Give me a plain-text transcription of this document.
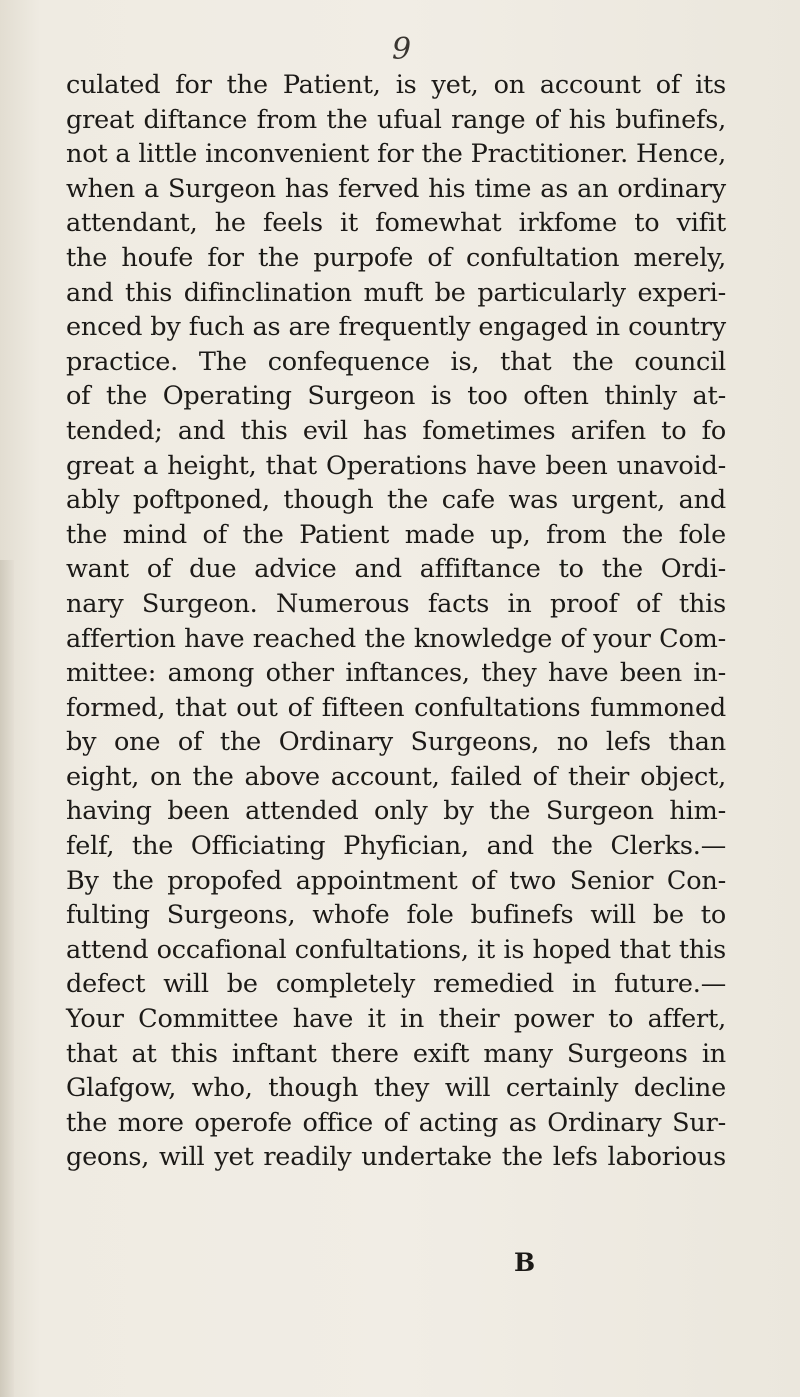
9
culated for the Patient, is yet, on account of its
great diftance from the ufual range of his bufinefs,
not a little inconvenient for the Practitioner. Hence,
when a Surgeon has ferved his time as an ordinary
attendant, he feels it fomewhat irkfome to vifit
the houfe for the purpofe of confultation merely,
and this difinclination muft be particularly experi-
enced by fuch as are frequently engaged in country
practice. The confequence is, that the council
of the Operating Surgeon is too often thinly at-
tended; and this evil has fometimes arifen to fo
great a height, that Operations have been unavoid-
ably poftponed, though the cafe was urgent, and
the mind of the Patient made up, from the fole
want of due advice and affiftance to the Ordi-
nary Surgeon. Numerous facts in proof of this
affertion have reached the knowledge of your Com-
mittee: among other inftances, they have been in-
formed, that out of fifteen confultations fummoned
by one of the Ordinary Surgeons, no lefs than
eight, on the above account, failed of their object,
having been attended only by the Surgeon him-
felf, the Officiating Phyfician, and the Clerks.—
By the propofed appointment of two Senior Con-
fulting Surgeons, whofe fole bufinefs will be to
attend occafional confultations, it is hoped that this
defect will be completely remedied in future.—
Your Committee have it in their power to affert,
that at this inftant there exift many Surgeons in
Glafgow, who, though they will certainly decline
the more operofe office of acting as Ordinary Sur-
geons, will yet readily undertake the lefs laborious
B
